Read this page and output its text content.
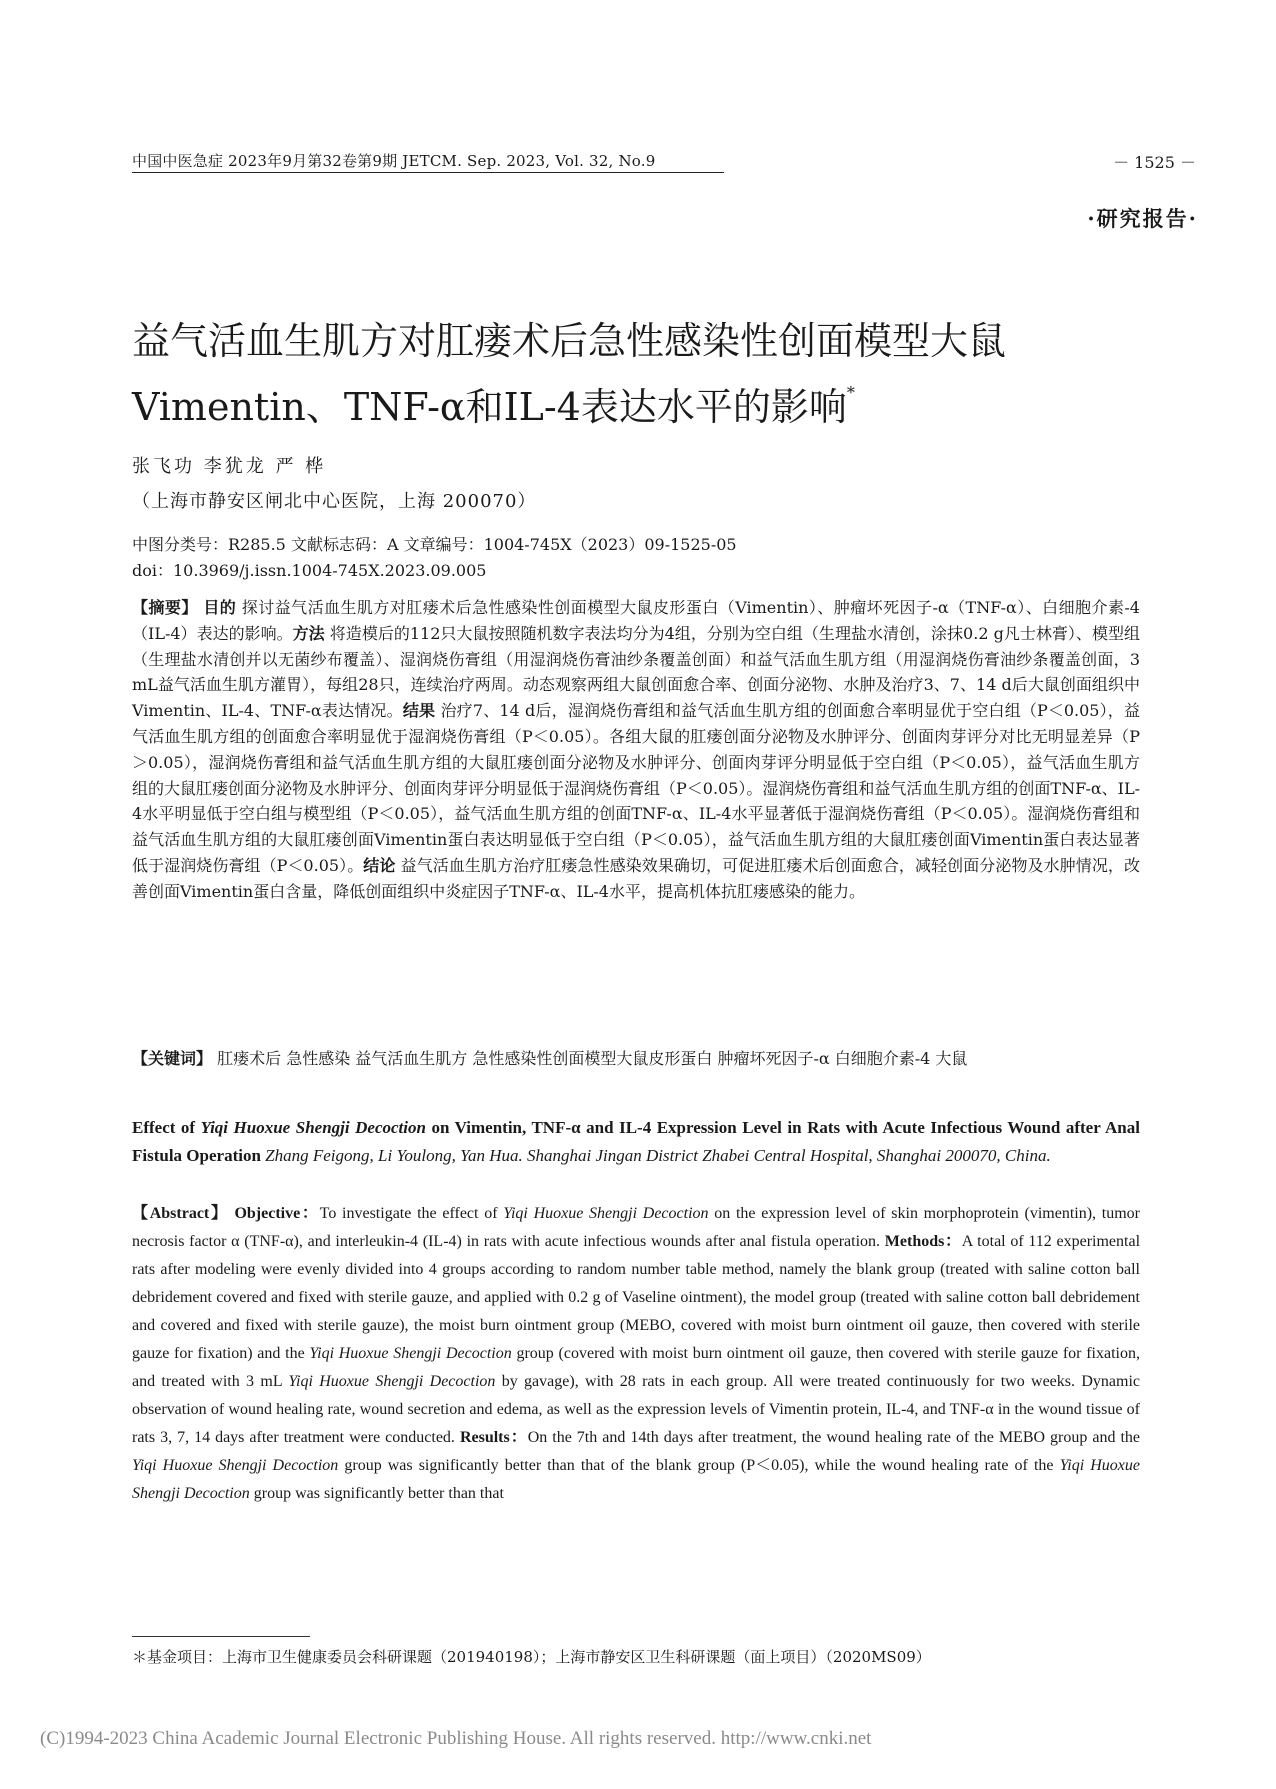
中国中医急症 2023年9月第32卷第9期 JETCM. Sep. 2023, Vol. 32, No.9	－ 1525 －
·研究报告·
益气活血生肌方对肛瘘术后急性感染性创面模型大鼠Vimentin、TNF-α和IL-4表达水平的影响*
张飞功 李犹龙 严 桦
（上海市静安区闸北中心医院，上海 200070）
中图分类号：R285.5 文献标志码：A 文章编号：1004-745X（2023）09-1525-05
doi：10.3969/j.issn.1004-745X.2023.09.005
【摘要】 目的 探讨益气活血生肌方对肛瘘术后急性感染性创面模型大鼠皮形蛋白（Vimentin）、肿瘤坏死因子-α（TNF-α）、白细胞介素-4（IL-4）表达的影响。方法 将造模后的112只大鼠按照随机数字表法均分为4组，分别为空白组（生理盐水清创，涂抹0.2 g凡士林膏）、模型组（生理盐水清创并以无菌纱布覆盖）、湿润烧伤膏组（用湿润烧伤膏油纱条覆盖创面）和益气活血生肌方组（用湿润烧伤膏油纱条覆盖创面，3 mL益气活血生肌方灌胃），每组28只，连续治疗两周。动态观察两组大鼠创面愈合率、创面分泌物、水肿及治疗3、7、14 d后大鼠创面组织中Vimentin、IL-4、TNF-α表达情况。结果 治疗7、14 d后，湿润烧伤膏组和益气活血生肌方组的创面愈合率明显优于空白组（P＜0.05），益气活血生肌方组的创面愈合率明显优于湿润烧伤膏组（P＜0.05）。各组大鼠的肛瘘创面分泌物及水肿评分、创面肉芽评分对比无明显差异（P＞0.05），湿润烧伤膏组和益气活血生肌方组的大鼠肛瘘创面分泌物及水肿评分、创面肉芽评分明显低于空白组（P＜0.05），益气活血生肌方组的大鼠肛瘘创面分泌物及水肿评分、创面肉芽评分明显低于湿润烧伤膏组（P＜0.05）。湿润烧伤膏组和益气活血生肌方组的创面TNF-α、IL-4水平明显低于空白组与模型组（P＜0.05），益气活血生肌方组的创面TNF-α、IL-4水平显著低于湿润烧伤膏组（P＜0.05）。湿润烧伤膏组和益气活血生肌方组的大鼠肛瘘创面Vimentin蛋白表达明显低于空白组（P＜0.05），益气活血生肌方组的大鼠肛瘘创面Vimentin蛋白表达显著低于湿润烧伤膏组（P＜0.05）。结论 益气活血生肌方治疗肛瘘急性感染效果确切，可促进肛瘘术后创面愈合，减轻创面分泌物及水肿情况，改善创面Vimentin蛋白含量，降低创面组织中炎症因子TNF-α、IL-4水平，提高机体抗肛瘘感染的能力。
【关键词】 肛瘘术后 急性感染 益气活血生肌方 急性感染性创面模型大鼠皮形蛋白 肿瘤坏死因子-α 白细胞介素-4 大鼠
Effect of Yiqi Huoxue Shengji Decoction on Vimentin, TNF-α and IL-4 Expression Level in Rats with Acute Infectious Wound after Anal Fistula Operation Zhang Feigong, Li Youlong, Yan Hua. Shanghai Jingan District Zhabei Central Hospital, Shanghai 200070, China.
【Abstract】 Objective：To investigate the effect of Yiqi Huoxue Shengji Decoction on the expression level of skin morphoprotein (vimentin), tumor necrosis factor α (TNF-α), and interleukin-4 (IL-4) in rats with acute infectious wounds after anal fistula operation. Methods：A total of 112 experimental rats after modeling were evenly divided into 4 groups according to random number table method, namely the blank group (treated with saline cotton ball debridement covered and fixed with sterile gauze, and applied with 0.2 g of Vaseline ointment), the model group (treated with saline cotton ball debridement and covered and fixed with sterile gauze), the moist burn ointment group (MEBO, covered with moist burn ointment oil gauze, then covered with sterile gauze for fixation) and the Yiqi Huoxue Shengji Decoction group (covered with moist burn ointment oil gauze, then covered with sterile gauze for fixation, and treated with 3 mL Yiqi Huoxue Shengji Decoction by gavage), with 28 rats in each group. All were treated continuously for two weeks. Dynamic observation of wound healing rate, wound secretion and edema, as well as the expression levels of Vimentin protein, IL-4, and TNF-α in the wound tissue of rats 3, 7, 14 days after treatment were conducted. Results：On the 7th and 14th days after treatment, the wound healing rate of the MEBO group and the Yiqi Huoxue Shengji Decoction group was significantly better than that of the blank group (P＜0.05), while the wound healing rate of the Yiqi Huoxue Shengji Decoction group was significantly better than that
＊基金项目：上海市卫生健康委员会科研课题（201940198）；上海市静安区卫生科研课题（面上项目）（2020MS09）
(C)1994-2023 China Academic Journal Electronic Publishing House. All rights reserved. http://www.cnki.net
